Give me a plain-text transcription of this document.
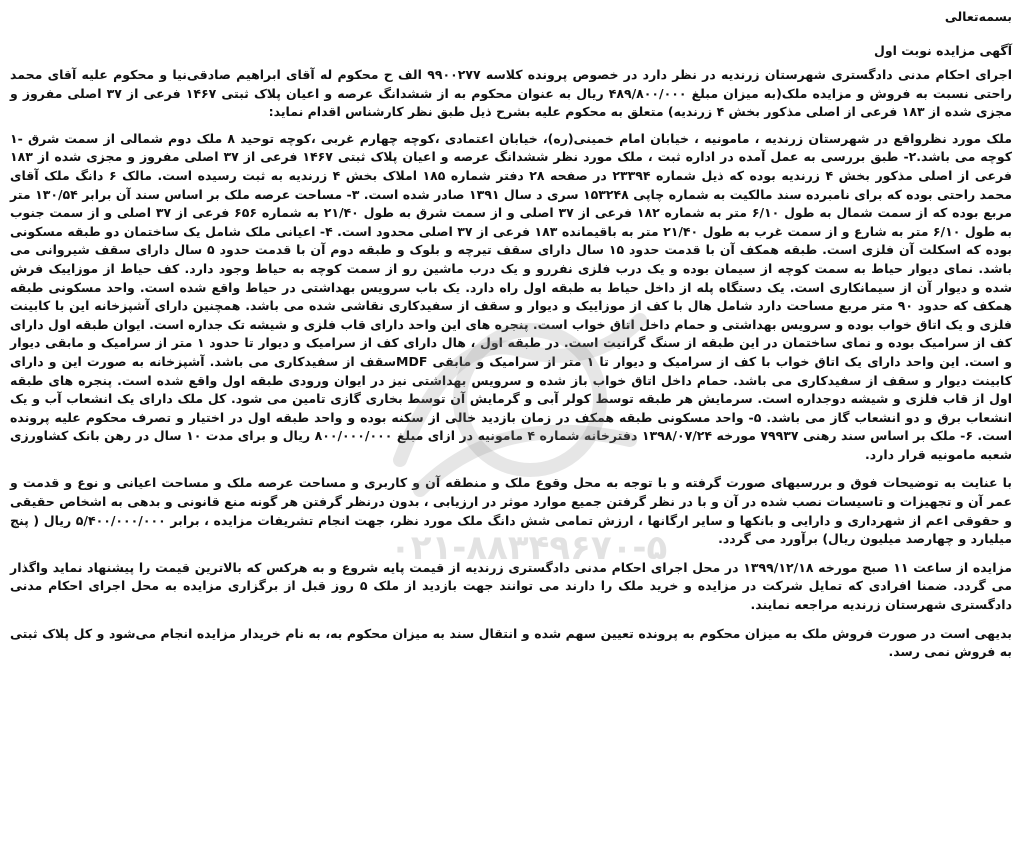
بسمه‌تعالی
آگهی مزایده نوبت اول

اجرای احکام مدنی دادگستری شهرستان زرندیه در نظر دارد در خصوص پرونده کلاسه ۹۹۰۰۲۷۷ الف ح محکوم له آقای ابراهیم صادقی‌نیا و محکوم علیه آقای محمد راحتی نسبت به فروش و مزایده ملک(به میزان مبلغ ۴۸۹/۸۰۰/۰۰۰ ریال به عنوان محکوم به از ششدانگ عرصه و اعیان پلاک ثبتی ۱۴۶۷ فرعی از ۳۷ اصلی مفروز و مجزی شده از ۱۸۳ فرعی از اصلی مذکور بخش ۴ زرندیه) متعلق به محکوم علیه بشرح ذیل طبق نظر کارشناس اقدام نماید:

ملک مورد نظرواقع در شهرستان زرندیه ، مامونیه ، خیابان امام خمینی(ره)، خیابان اعتمادی ،کوچه چهارم غربی ،کوچه توحید ۸ ملک دوم شمالی از سمت شرق -۱ کوچه می باشد.۲- طبق بررسی به عمل آمده در اداره ثبت ، ملک مورد نظر ششدانگ عرصه و اعیان پلاک ثبتی ۱۴۶۷ فرعی از ۳۷ اصلی مفروز و مجزی شده از ۱۸۳ فرعی از اصلی مذکور بخش ۴ زرندیه بوده که ذیل شماره ۲۳۳۹۴ در صفحه ۲۸ دفتر شماره ۱۸۵ املاک بخش ۴ زرندیه به ثبت رسیده است. مالک ۶ دانگ ملک آقای محمد راحتی بوده که برای نامبرده سند مالکیت به شماره چاپی ۱۵۳۲۴۸ سری د سال ۱۳۹۱ صادر شده است. ۳- مساحت عرصه ملک بر اساس سند آن برابر ۱۳۰/۵۴ متر مربع بوده که از سمت شمال به طول ۶/۱۰ متر به شماره ۱۸۲ فرعی از ۳۷ اصلی و از سمت شرق به طول ۲۱/۴۰ به شماره ۶۵۶ فرعی از ۳۷ اصلی و از سمت جنوب به طول ۶/۱۰ متر به شارع و از سمت غرب به طول ۲۱/۴۰ متر به باقیمانده ۱۸۳ فرعی از ۳۷ اصلی محدود است. ۴- اعیانی ملک شامل یک ساختمان دو طبقه مسکونی بوده که اسکلت آن فلزی است. طبقه همکف آن با قدمت حدود ۱۵ سال دارای سقف تیرچه و بلوک و طبقه دوم آن با قدمت حدود ۵ سال دارای سقف شیروانی می باشد. نمای دیوار حیاط به سمت کوچه از سیمان بوده و یک درب فلزی نفررو و یک درب ماشین رو از سمت کوچه به حیاط وجود دارد. کف حیاط از موزاییک فرش شده و دیوار آن از سیمانکاری است. یک دستگاه پله از داخل حیاط به طبقه اول راه دارد. یک باب سرویس بهداشتی در حیاط واقع شده است. واحد مسکونی طبقه همکف که حدود ۹۰ متر مربع مساحت دارد شامل هال با کف از موزاییک و دیوار و سقف از سفیدکاری نقاشی شده می باشد. همچنین دارای آشپزخانه این با کابینت فلزی و یک اتاق خواب بوده و سرویس بهداشتی و حمام داخل اتاق خواب است. پنجره های این واحد دارای قاب فلزی و شیشه تک جداره است. ایوان طبقه اول دارای کف از سرامیک بوده و نمای ساختمان در این طبقه از سنگ گرانیت است. در طبقه اول ، هال دارای کف از سرامیک و دیوار تا حدود ۱ متر از سرامیک و مابقی دیوار و است. این واحد دارای یک اتاق خواب با کف از سرامیک و دیوار تا ۱ متر از سرامیک و مابقی MDFسقف از سفیدکاری می باشد. آشپزخانه به صورت این و دارای کابینت دیوار و سقف از سفیدکاری می باشد. حمام داخل اتاق خواب باز شده و سرویس بهداشتی نیز در ایوان ورودی طبقه اول واقع شده است. پنجره های طبقه اول از قاب فلزی و شیشه دوجداره است. سرمایش هر طبقه توسط کولر آبی و گرمایش آن توسط بخاری گازی تامین می شود. کل ملک دارای یک انشعاب آب و یک انشعاب برق و دو انشعاب گاز می باشد. ۵- واحد مسکونی طبقه همکف در زمان بازدید خالی از سکنه بوده و واحد طبقه اول در اختیار و تصرف محکوم علیه پرونده است. ۶- ملک بر اساس سند رهنی ۷۹۹۳۷ مورخه ۱۳۹۸/۰۷/۲۴ دفترخانه شماره ۴ مامونیه در ازای مبلغ ۸۰۰/۰۰۰/۰۰۰ ریال و برای مدت ۱۰ سال در رهن بانک کشاورزی شعبه مامونیه قرار دارد.

با عنایت به توضیحات فوق و بررسیهای صورت گرفته و با توجه به محل وقوع ملک و منطقه آن و کاربری و مساحت عرصه ملک و مساحت اعیانی و نوع و قدمت و عمر آن و تجهیزات و تاسیسات نصب شده در آن و با در نظر گرفتن جمیع موارد موثر در ارزیابی ، بدون درنظر گرفتن هر گونه منع قانونی و بدهی به اشخاص حقیقی و حقوقی اعم از شهرداری و دارایی و بانکها و سایر ارگانها ، ارزش تمامی شش دانگ ملک مورد نظر، جهت انجام تشریفات مزایده ، برابر ۵/۴۰۰/۰۰۰/۰۰۰ ریال ( پنج میلیارد و چهارصد میلیون ریال) برآورد می گردد.

مزایده از ساعت ۱۱ صبح مورخه ۱۳۹۹/۱۲/۱۸ در محل اجرای احکام مدنی دادگستری زرندیه از قیمت پایه شروع و به هرکس که بالاترین قیمت را پیشنهاد نماید واگذار می گردد. ضمنا افرادی که تمایل شرکت در مزایده و خرید ملک را دارند می توانند جهت بازدید از ملک ۵ روز قبل از برگزاری مزایده به محل اجرای احکام مدنی دادگستری شهرستان زرندیه مراجعه نمایند.

بدیهی است در صورت فروش ملک به میزان محکوم به پرونده تعیین سهم شده و انتقال سند به میزان محکوم به، به نام خریدار مزایده انجام می‌شود و کل پلاک ثبتی به فروش نمی رسد.

۰۲۱-۸۸۳۴۹۶۷۰-۵
